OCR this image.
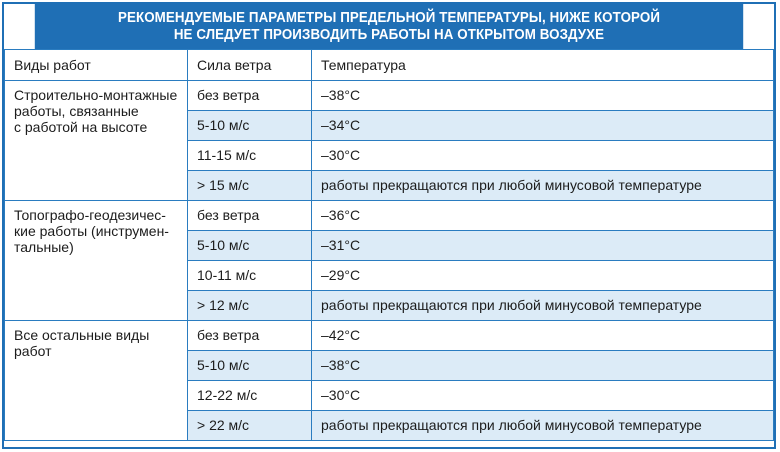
РЕКОМЕНДУЕМЫЕ ПАРАМЕТРЫ ПРЕДЕЛЬНОЙ ТЕМПЕРАТУРЫ, НИЖЕ КОТОРОЙ
НЕ СЛЕДУЕТ ПРОИЗВОДИТЬ РАБОТЫ НА ОТКРЫТОМ ВОЗДУХЕ
Виды работ	Сила ветра	Температура

Строительно-монтажные
работы, связанные
с работой на высоте	без ветра	–38°С
	5-10 м/с	–34°С
	11-15 м/с	–30°С
	> 15 м/с	работы прекращаются при любой минусовой температуре

Топографо-геодезичес-
кие работы (инструмен-
тальные)	без ветра	–36°С
	5-10 м/с	–31°С
	10-11 м/с	–29°С
	> 12 м/с	работы прекращаются при любой минусовой температуре

Все остальные виды
работ	без ветра	–42°С
	5-10 м/с	–38°С
	12-22 м/с	–30°С
	> 22 м/с	работы прекращаются при любой минусовой температуре
